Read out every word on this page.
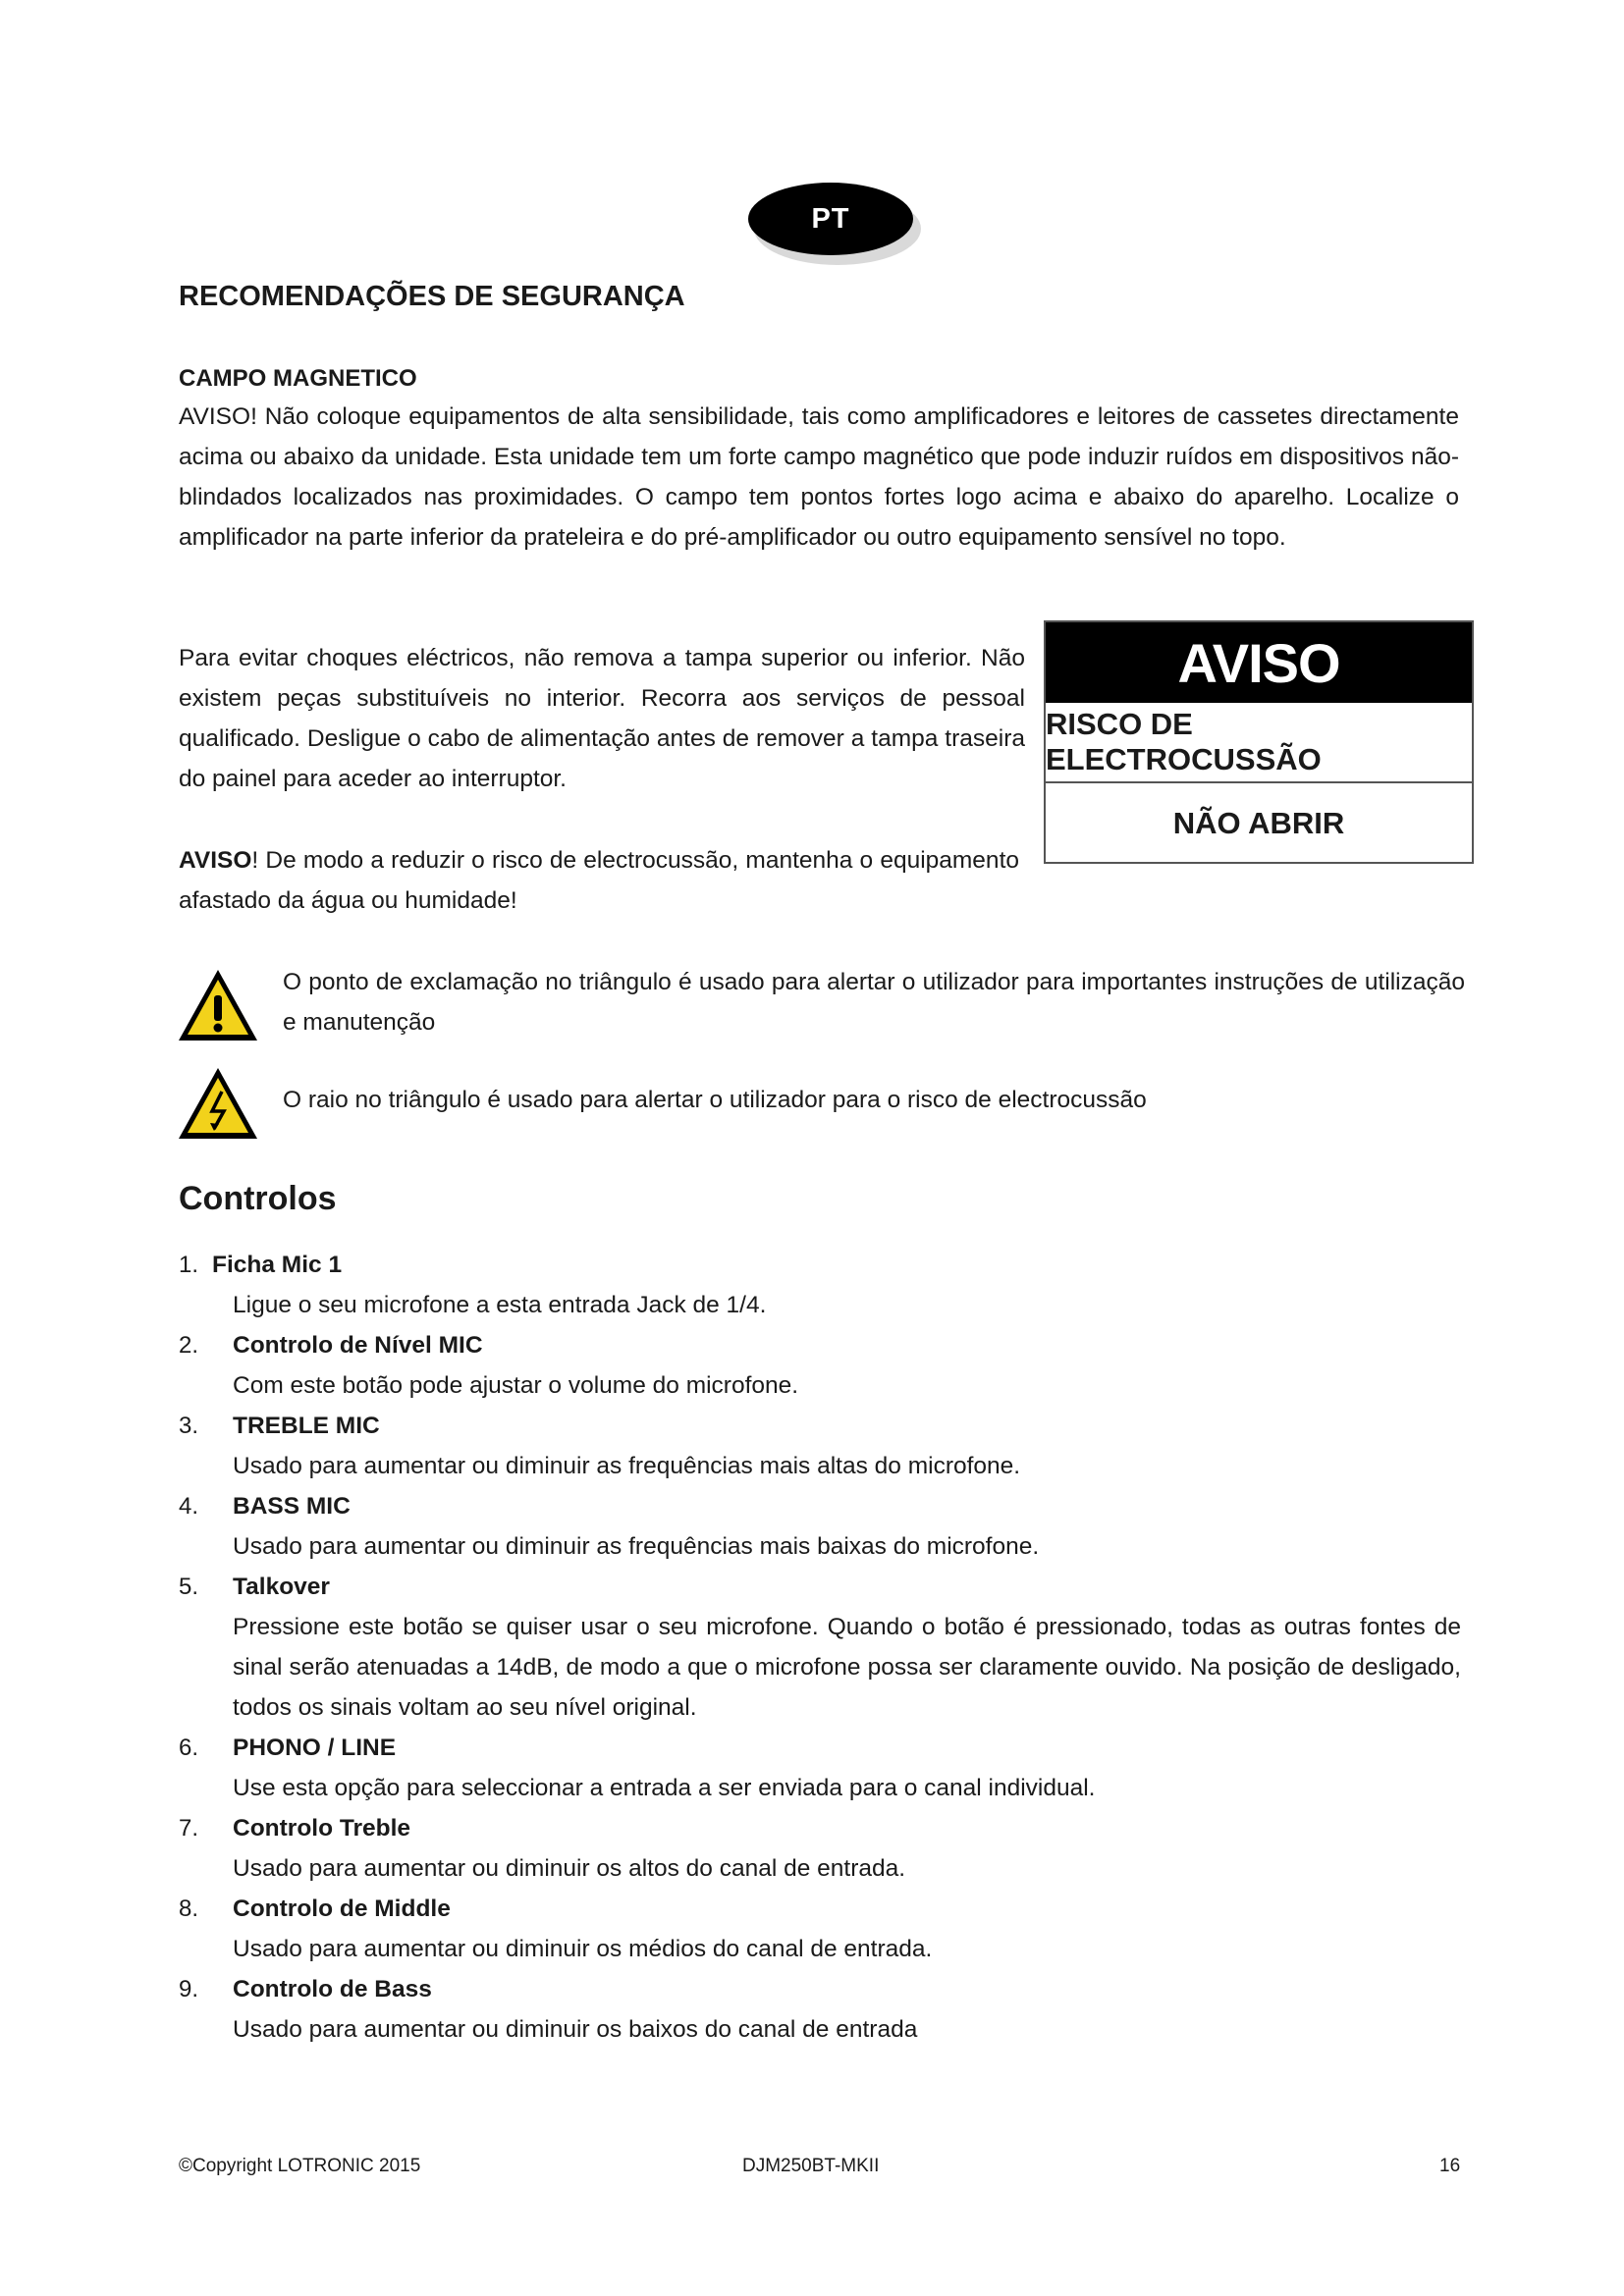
PT
RECOMENDAÇÕES DE SEGURANÇA
CAMPO MAGNETICO

AVISO! Não coloque equipamentos de alta sensibilidade, tais como amplificadores e leitores de cassetes directamente acima ou abaixo da unidade. Esta unidade tem um forte campo magnético que pode induzir ruídos em dispositivos não-blindados localizados nas proximidades. O campo tem pontos fortes logo acima e abaixo do aparelho. Localize o amplificador na parte inferior da prateleira e do pré-amplificador ou outro equipamento sensível no topo.

Para evitar choques eléctricos, não remova a tampa superior ou inferior. Não existem peças substituíveis no interior. Recorra aos serviços de pessoal qualificado. Desligue o cabo de alimentação antes de remover a tampa traseira do painel para aceder ao interruptor.

AVISO! De modo a reduzir o risco de electrocussão, mantenha o equipamento afastado da água ou humidade!

AVISO
RISCO DE ELECTROCUSSÃO
NÃO ABRIR

O ponto de exclamação no triângulo é usado para alertar o utilizador para importantes instruções de utilização e manutenção

O raio no triângulo é usado para alertar o utilizador para o risco de electrocussão

Controlos
1. Ficha Mic 1
Ligue o seu microfone a esta entrada Jack de 1/4.
2. Controlo de Nível MIC
Com este botão pode ajustar o volume do microfone.
3. TREBLE MIC
Usado para aumentar ou diminuir as frequências mais altas do microfone.
4. BASS MIC
Usado para aumentar ou diminuir as frequências mais baixas do microfone.
5. Talkover
Pressione este botão se quiser usar o seu microfone. Quando o botão é pressionado, todas as outras fontes de sinal serão atenuadas a 14dB, de modo a que o microfone possa ser claramente ouvido. Na posição de desligado, todos os sinais voltam ao seu nível original.
6. PHONO / LINE
Use esta opção para seleccionar a entrada a ser enviada para o canal individual.
7. Controlo Treble
Usado para aumentar ou diminuir os altos do canal de entrada.
8. Controlo de Middle
Usado para aumentar ou diminuir os médios do canal de entrada.
9. Controlo de Bass
Usado para aumentar ou diminuir os baixos do canal de entrada
©Copyright LOTRONIC 2015	DJM250BT-MKII	16
